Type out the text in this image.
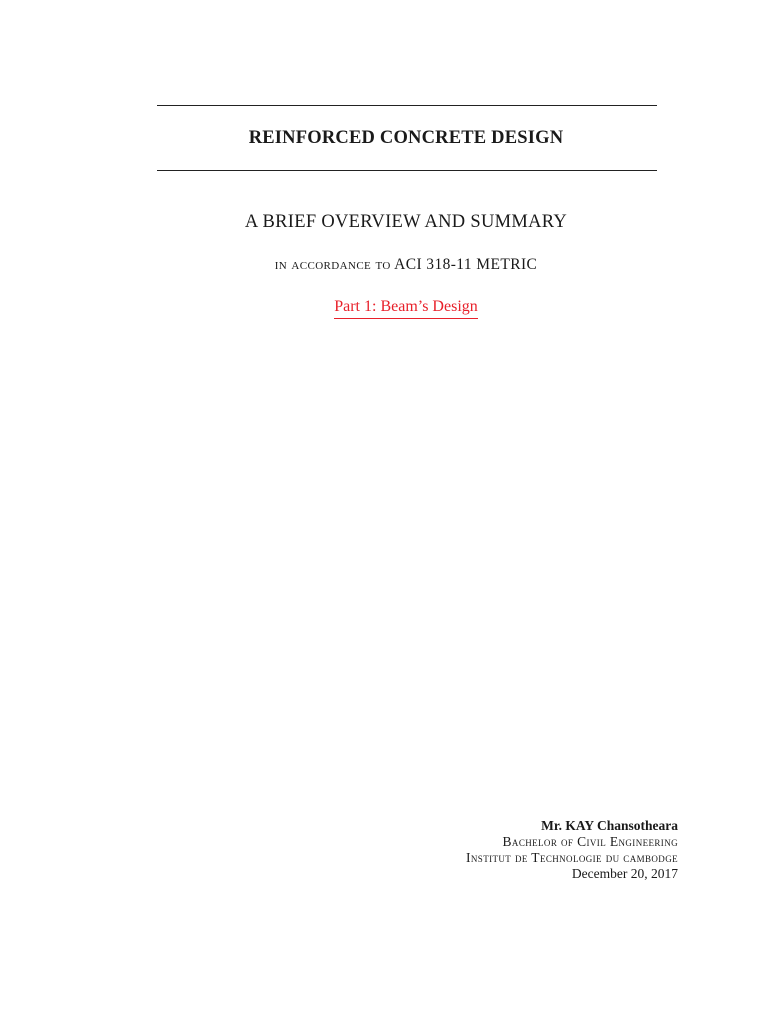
REINFORCED CONCRETE DESIGN
A BRIEF OVERVIEW AND SUMMARY
in accordance to ACI 318-11 METRIC
Part 1: Beam’s Design
Mr. KAY Chansotheara
Bachelor of Civil Engineering
Institut de Technologie du cambodge
December 20, 2017
